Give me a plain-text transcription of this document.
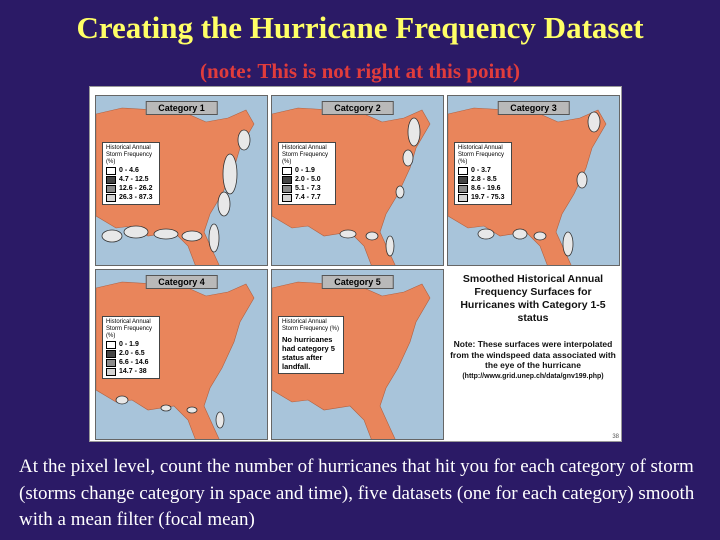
Creating the Hurricane Frequency Dataset
(note: This is not right at this point)
Category 1
Historical Annual Storm Frequency (%)
0 - 4.6
4.7 - 12.5
12.6 - 26.2
26.3 - 87.3
Catcgory 2
Historical Annual Storm Frequency (%)
0 - 1.9
2.0 - 5.0
5.1 - 7.3
7.4 - 7.7
Category 3
Historical Annual Storm Frequency (%)
0 - 3.7
2.8 - 8.5
8.6 - 19.6
19.7 - 75.3
Category 4
Historical Annual Storm Frequency (%)
0 - 1.9
2.0 - 6.5
6.6 - 14.6
14.7 - 38
Category 5
Historical Annual Storm Frequency (%)
No hurricanes had category 5 status after landfall.
Smoothed Historical Annual Frequency Surfaces for Hurricanes with Category 1-5 status
Note: These surfaces were interpolated from the windspeed data associated with the eye of the hurricane
(http://www.grid.unep.ch/data/gnv199.php)
38
At the pixel level, count the number of hurricanes that hit you for each category of storm (storms change category in space and time), five datasets (one for each category) smooth with a mean filter (focal mean)
